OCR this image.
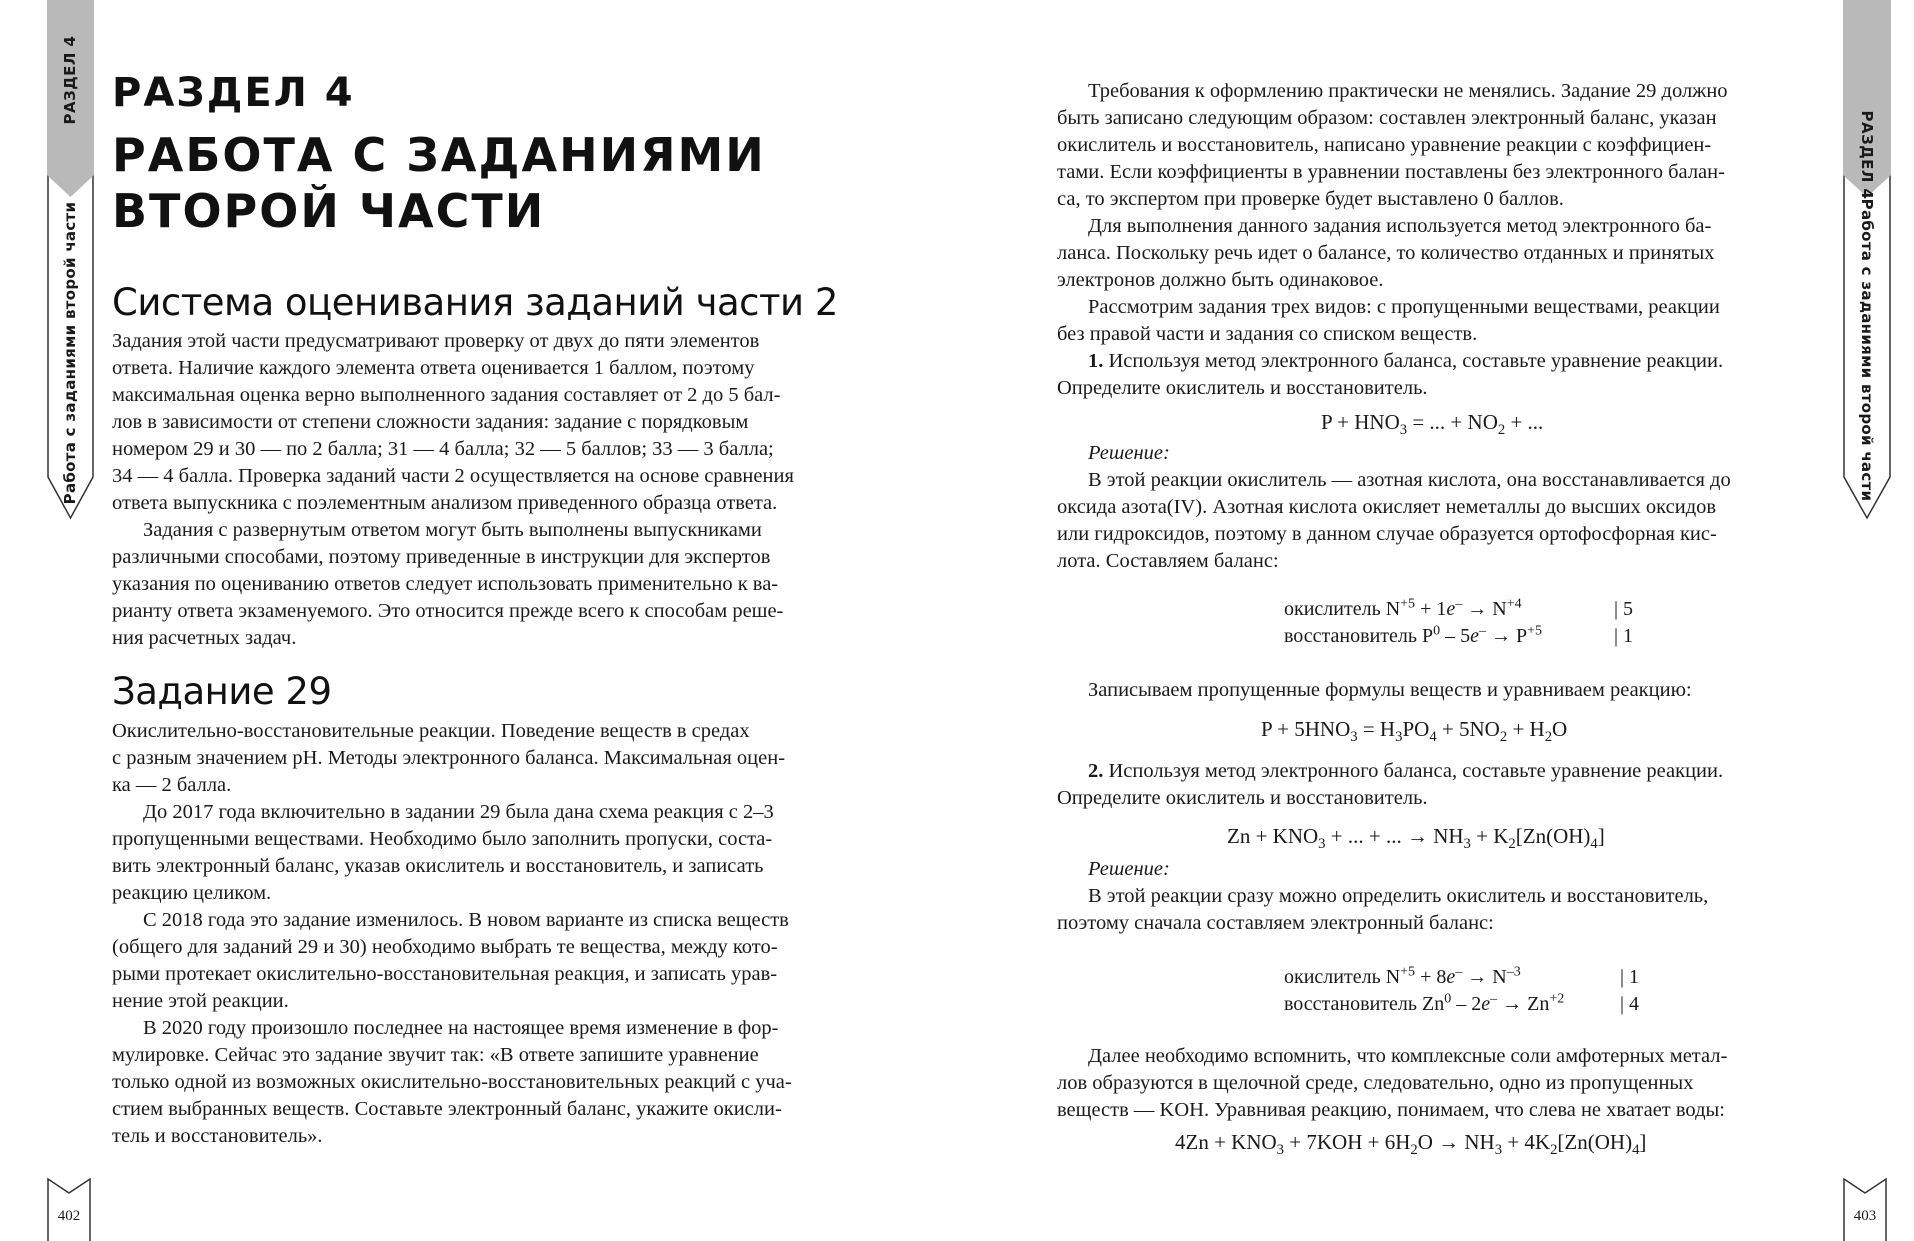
РАЗДЕЛ 4
Работа с заданиями второй части
РАЗДЕЛ 4
РАБОТА С ЗАДАНИЯМИ
ВТОРОЙ ЧАСТИ
Система оценивания заданий части 2

Задания этой части предусматривают проверку от двух до пяти элементов

ответа. Наличие каждого элемента ответа оценивается 1 баллом, поэтому

максимальная оценка верно выполненного задания составляет от 2 до 5 бал-

лов в зависимости от степени сложности задания: задание с порядковым

номером 29 и 30 — по 2 балла; 31 — 4 балла; 32 — 5 баллов; 33 — 3 балла;

34 — 4 балла. Проверка заданий части 2 осуществляется на основе сравнения

ответа выпускника с поэлементным анализом приведенного образца ответа.

Задания с развернутым ответом могут быть выполнены выпускниками

различными способами, поэтому приведенные в инструкции для экспертов

указания по оцениванию ответов следует использовать применительно к ва-

рианту ответа экзаменуемого. Это относится прежде всего к способам реше-

ния расчетных задач.

Задание 29

Окислительно-восстановительные реакции. Поведение веществ в средах

с разным значением pH. Методы электронного баланса. Максимальная оцен-

ка — 2 балла.

До 2017 года включительно в задании 29 была дана схема реакция с 2–3

пропущенными веществами. Необходимо было заполнить пропуски, соста-

вить электронный баланс, указав окислитель и восстановитель, и записать

реакцию целиком.

С 2018 года это задание изменилось. В новом варианте из списка веществ

(общего для заданий 29 и 30) необходимо выбрать те вещества, между кото-

рыми протекает окислительно-восстановительная реакция, и записать урав-

нение этой реакции.

В 2020 году произошло последнее на настоящее время изменение в фор-

мулировке. Сейчас это задание звучит так: «В ответе запишите уравнение

только одной из возможных окислительно-восстановительных реакций с уча-

стием выбранных веществ. Составьте электронный баланс, укажите окисли-

тель и восстановитель».

402

Требования к оформлению практически не менялись. Задание 29 должно

быть записано следующим образом: составлен электронный баланс, указан

окислитель и восстановитель, написано уравнение реакции с коэффициен-

тами. Если коэффициенты в уравнении поставлены без электронного балан-

са, то экспертом при проверке будет выставлено 0 баллов.

Для выполнения данного задания используется метод электронного ба-

ланса. Поскольку речь идет о балансе, то количество отданных и принятых

электронов должно быть одинаковое.

Рассмотрим задания трех видов: с пропущенными веществами, реакции

без правой части и задания со списком веществ.

1. Используя метод электронного баланса, составьте уравнение реакции.

Определите окислитель и восстановитель.

$P + HNO_3$ = ... + $NO_2$ + ...

Решение:

В этой реакции окислитель — азотная кислота, она восстанавливается до

оксида азота(IV). Азотная кислота окисляет неметаллы до высших оксидов

или гидроксидов, поэтому в данном случае образуется ортофосфорная кис-

лота. Составляем баланс:

окислитель $N^{+5} + 1e^- \to N^{+4}$	| 5
восстановитель $P^0 - 5e^- \to P^{+5}$	| 1

Записываем пропущенные формулы веществ и уравниваем реакцию:

$P + 5HNO_3 = H_3PO_4 + 5NO_2 + H_2O$

2. Используя метод электронного баланса, составьте уравнение реакции.

Определите окислитель и восстановитель.

$Zn + KNO_3$ + ... + ... → $NH_3 + K_2[Zn(OH)_4]$

Решение:

В этой реакции сразу можно определить окислитель и восстановитель,

поэтому сначала составляем электронный баланс:

окислитель $N^{+5} + 8e^- \to N^{-3}$	| 1
восстановитель $Zn^0 - 2e^- \to Zn^{+2}$	| 4

Далее необходимо вспомнить, что комплексные соли амфотерных метал-

лов образуются в щелочной среде, следовательно, одно из пропущенных

веществ — KOH. Уравнивая реакцию, понимаем, что слева не хватает воды:

$4Zn + KNO_3 + 7KOH + 6H_2O \to NH_3 + 4K_2[Zn(OH)_4]$
РАЗДЕЛ 4
Работа с заданиями второй части
403
